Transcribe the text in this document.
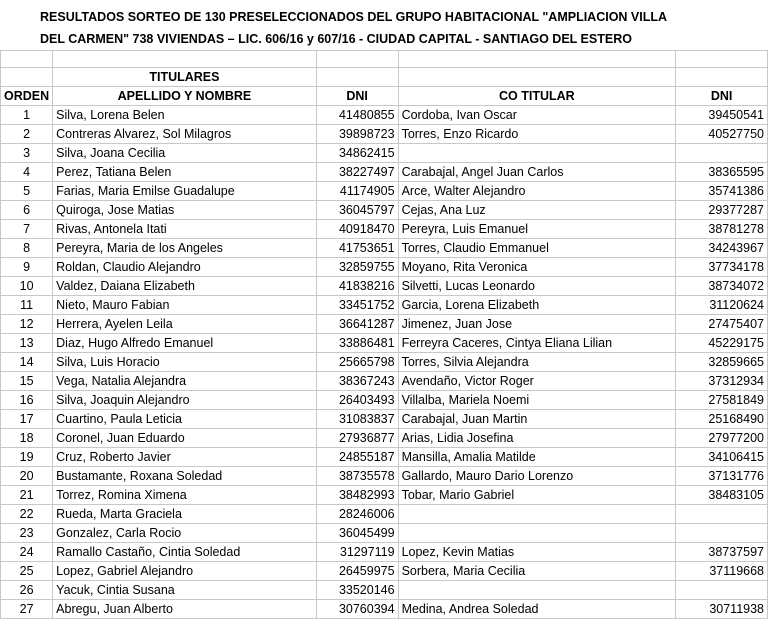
RESULTADOS SORTEO DE 130 PRESELECCIONADOS DEL GRUPO HABITACIONAL "AMPLIACION VILLA
DEL CARMEN" 738 VIVIENDAS – LIC. 606/16 y 607/16 - CIUDAD CAPITAL - SANTIAGO DEL ESTERO

	TITULARES			
ORDEN	APELLIDO Y NOMBRE	DNI	CO TITULAR	DNI
1	Silva, Lorena Belen	41480855	Cordoba, Ivan Oscar	39450541
2	Contreras Alvarez, Sol Milagros	39898723	Torres, Enzo Ricardo	40527750
3	Silva, Joana Cecilia	34862415		
4	Perez, Tatiana Belen	38227497	Carabajal, Angel Juan Carlos	38365595
5	Farias, Maria Emilse Guadalupe	41174905	Arce, Walter Alejandro	35741386
6	Quiroga, Jose Matias	36045797	Cejas, Ana Luz	29377287
7	Rivas, Antonela Itati	40918470	Pereyra, Luis Emanuel	38781278
8	Pereyra, Maria de los Angeles	41753651	Torres, Claudio Emmanuel	34243967
9	Roldan, Claudio Alejandro	32859755	Moyano, Rita Veronica	37734178
10	Valdez, Daiana Elizabeth	41838216	Silvetti, Lucas Leonardo	38734072
11	Nieto, Mauro Fabian	33451752	Garcia, Lorena Elizabeth	31120624
12	Herrera, Ayelen Leila	36641287	Jimenez, Juan Jose	27475407
13	Diaz, Hugo Alfredo Emanuel	33886481	Ferreyra Caceres, Cintya Eliana Lilian	45229175
14	Silva, Luis Horacio	25665798	Torres, Silvia Alejandra	32859665
15	Vega, Natalia Alejandra	38367243	Avendaño, Victor Roger	37312934
16	Silva, Joaquin Alejandro	26403493	Villalba, Mariela Noemi	27581849
17	Cuartino, Paula Leticia	31083837	Carabajal, Juan Martin	25168490
18	Coronel, Juan Eduardo	27936877	Arias, Lidia Josefina	27977200
19	Cruz, Roberto Javier	24855187	Mansilla, Amalia Matilde	34106415
20	Bustamante, Roxana Soledad	38735578	Gallardo, Mauro Dario Lorenzo	37131776
21	Torrez, Romina Ximena	38482993	Tobar, Mario Gabriel	38483105
22	Rueda, Marta Graciela	28246006		
23	Gonzalez, Carla Rocio	36045499		
24	Ramallo Castaño, Cintia Soledad	31297119	Lopez, Kevin Matias	38737597
25	Lopez, Gabriel Alejandro	26459975	Sorbera, Maria Cecilia	37119668
26	Yacuk, Cintia Susana	33520146		
27	Abregu, Juan Alberto	30760394	Medina, Andrea Soledad	30711938
